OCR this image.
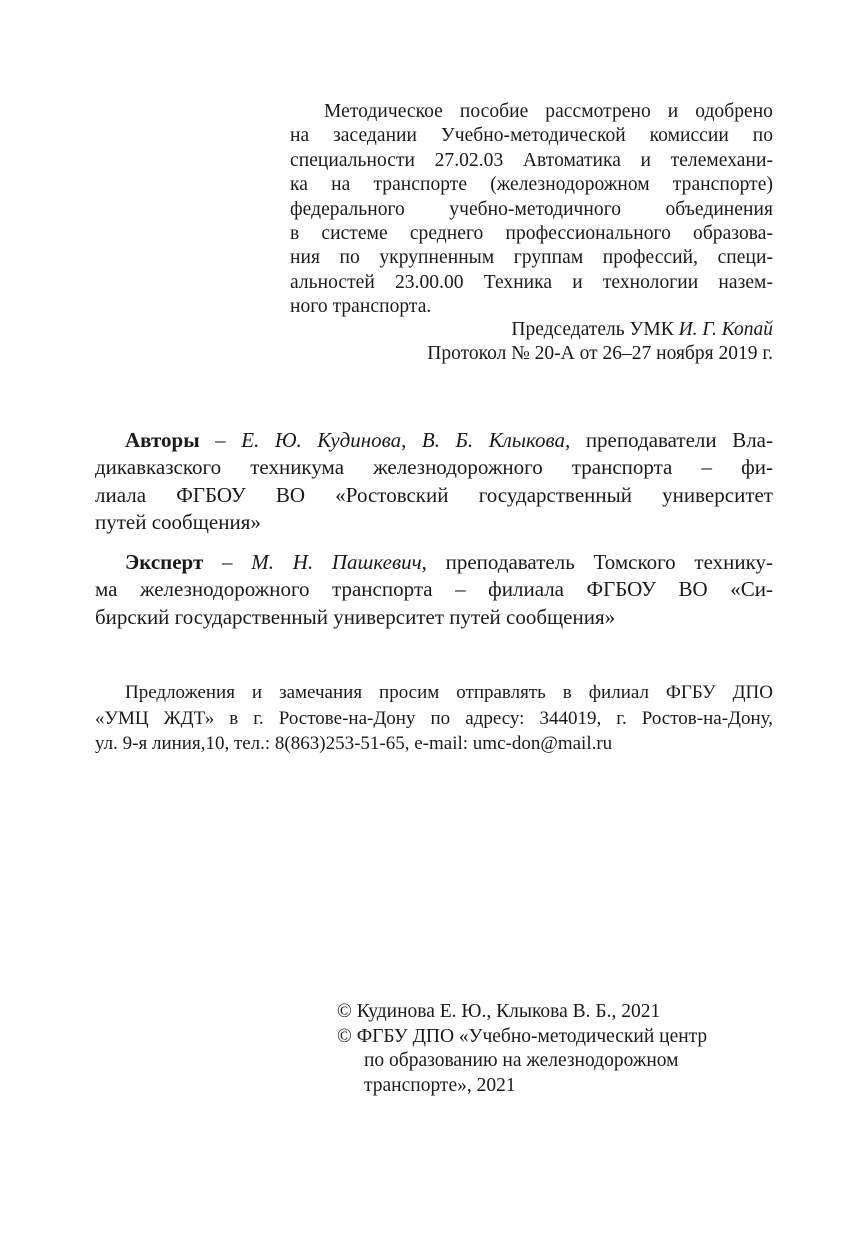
Методическое пособие рассмотрено и одобрено
на заседании Учебно-методической комиссии по
специальности 27.02.03 Автоматика и телемехани-
ка на транспорте (железнодорожном транспорте)
федерального учебно-методичного объединения
в системе среднего профессионального образова-
ния по укрупненным группам профессий, специ-
альностей 23.00.00 Техника и технологии назем-
ного транспорта.
Председатель УМК И. Г. Копай
Протокол № 20-А от 26–27 ноября 2019 г.
Авторы – Е. Ю. Кудинова, В. Б. Клыкова, преподаватели Вла-
дикавказского техникума железнодорожного транспорта – фи-
лиала ФГБОУ ВО «Ростовский государственный университет
путей сообщения»
Эксперт – М. Н. Пашкевич, преподаватель Томского технику-
ма железнодорожного транспорта – филиала ФГБОУ ВО «Си-
бирский государственный университет путей сообщения»
Предложения и замечания просим отправлять в филиал ФГБУ ДПО
«УМЦ ЖДТ» в г. Ростове-на-Дону по адресу: 344019, г. Ростов-на-Дону,
ул. 9-я линия,10, тел.: 8(863)253-51-65, e-mail: umc-don@mail.ru
© Кудинова Е. Ю., Клыкова В. Б., 2021
© ФГБУ ДПО «Учебно-методический центр
по образованию на железнодорожном
транспорте», 2021
